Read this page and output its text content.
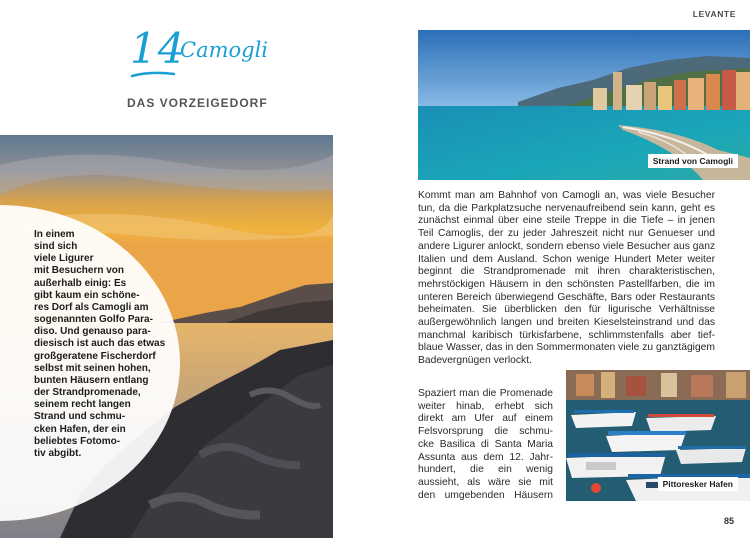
14
Camogli
DAS VORZEIGEDORF
In einem
sind sich
viele Ligurer
mit Besuchern von
außerhalb einig: Es
gibt kaum ein schöne-
res Dorf als Camogli am
sogenannten Golfo Para-
diso. Und genauso para-
diesisch ist auch das etwas
großgeratene Fischerdorf
selbst mit seinen hohen,
bunten Häusern entlang
der Strandpromenade,
seinem recht langen
Strand und schmu-
cken Hafen, der ein
beliebtes Fotomo-
tiv abgibt.
LEVANTE
Strand von Camogli
Kommt man am Bahnhof von Camogli an, was viele Besucher
tun, da die Parkplatzsuche nervenaufreibend sein kann, geht es
zunächst einmal über eine steile Treppe in die Tiefe – in jenen
Teil Camoglis, der zu jeder Jahreszeit nicht nur Genueser und
andere Ligurer anlockt, sondern ebenso viele Besucher aus ganz
Italien und dem Ausland. Schon wenige Hundert Meter weiter
beginnt die Strandpromenade mit ihren charakteristischen,
mehrstöckigen Häusern in den schönsten Pastellfarben, die im
unteren Bereich überwiegend Geschäfte, Bars oder Restaurants
beheimaten. Sie überblicken den für ligurische Verhältnisse
außergewöhnlich langen und breiten Kieselsteinstrand und das
manchmal karibisch türkisfarbene, schlimmstenfalls aber tief-
blaue Wasser, das in den Sommermonaten viele zu ganztägigem
Badevergnügen verlockt.
Spaziert man die Promenade
weiter hinab, erhebt sich
direkt am Ufer auf einem
Felsvorsprung die schmu-
cke Basilica di Santa Maria
Assunta aus dem 12. Jahr-
hundert, die ein wenig
aussieht, als wäre sie mit
den umgebenden Häusern
Pittoresker Hafen
85
